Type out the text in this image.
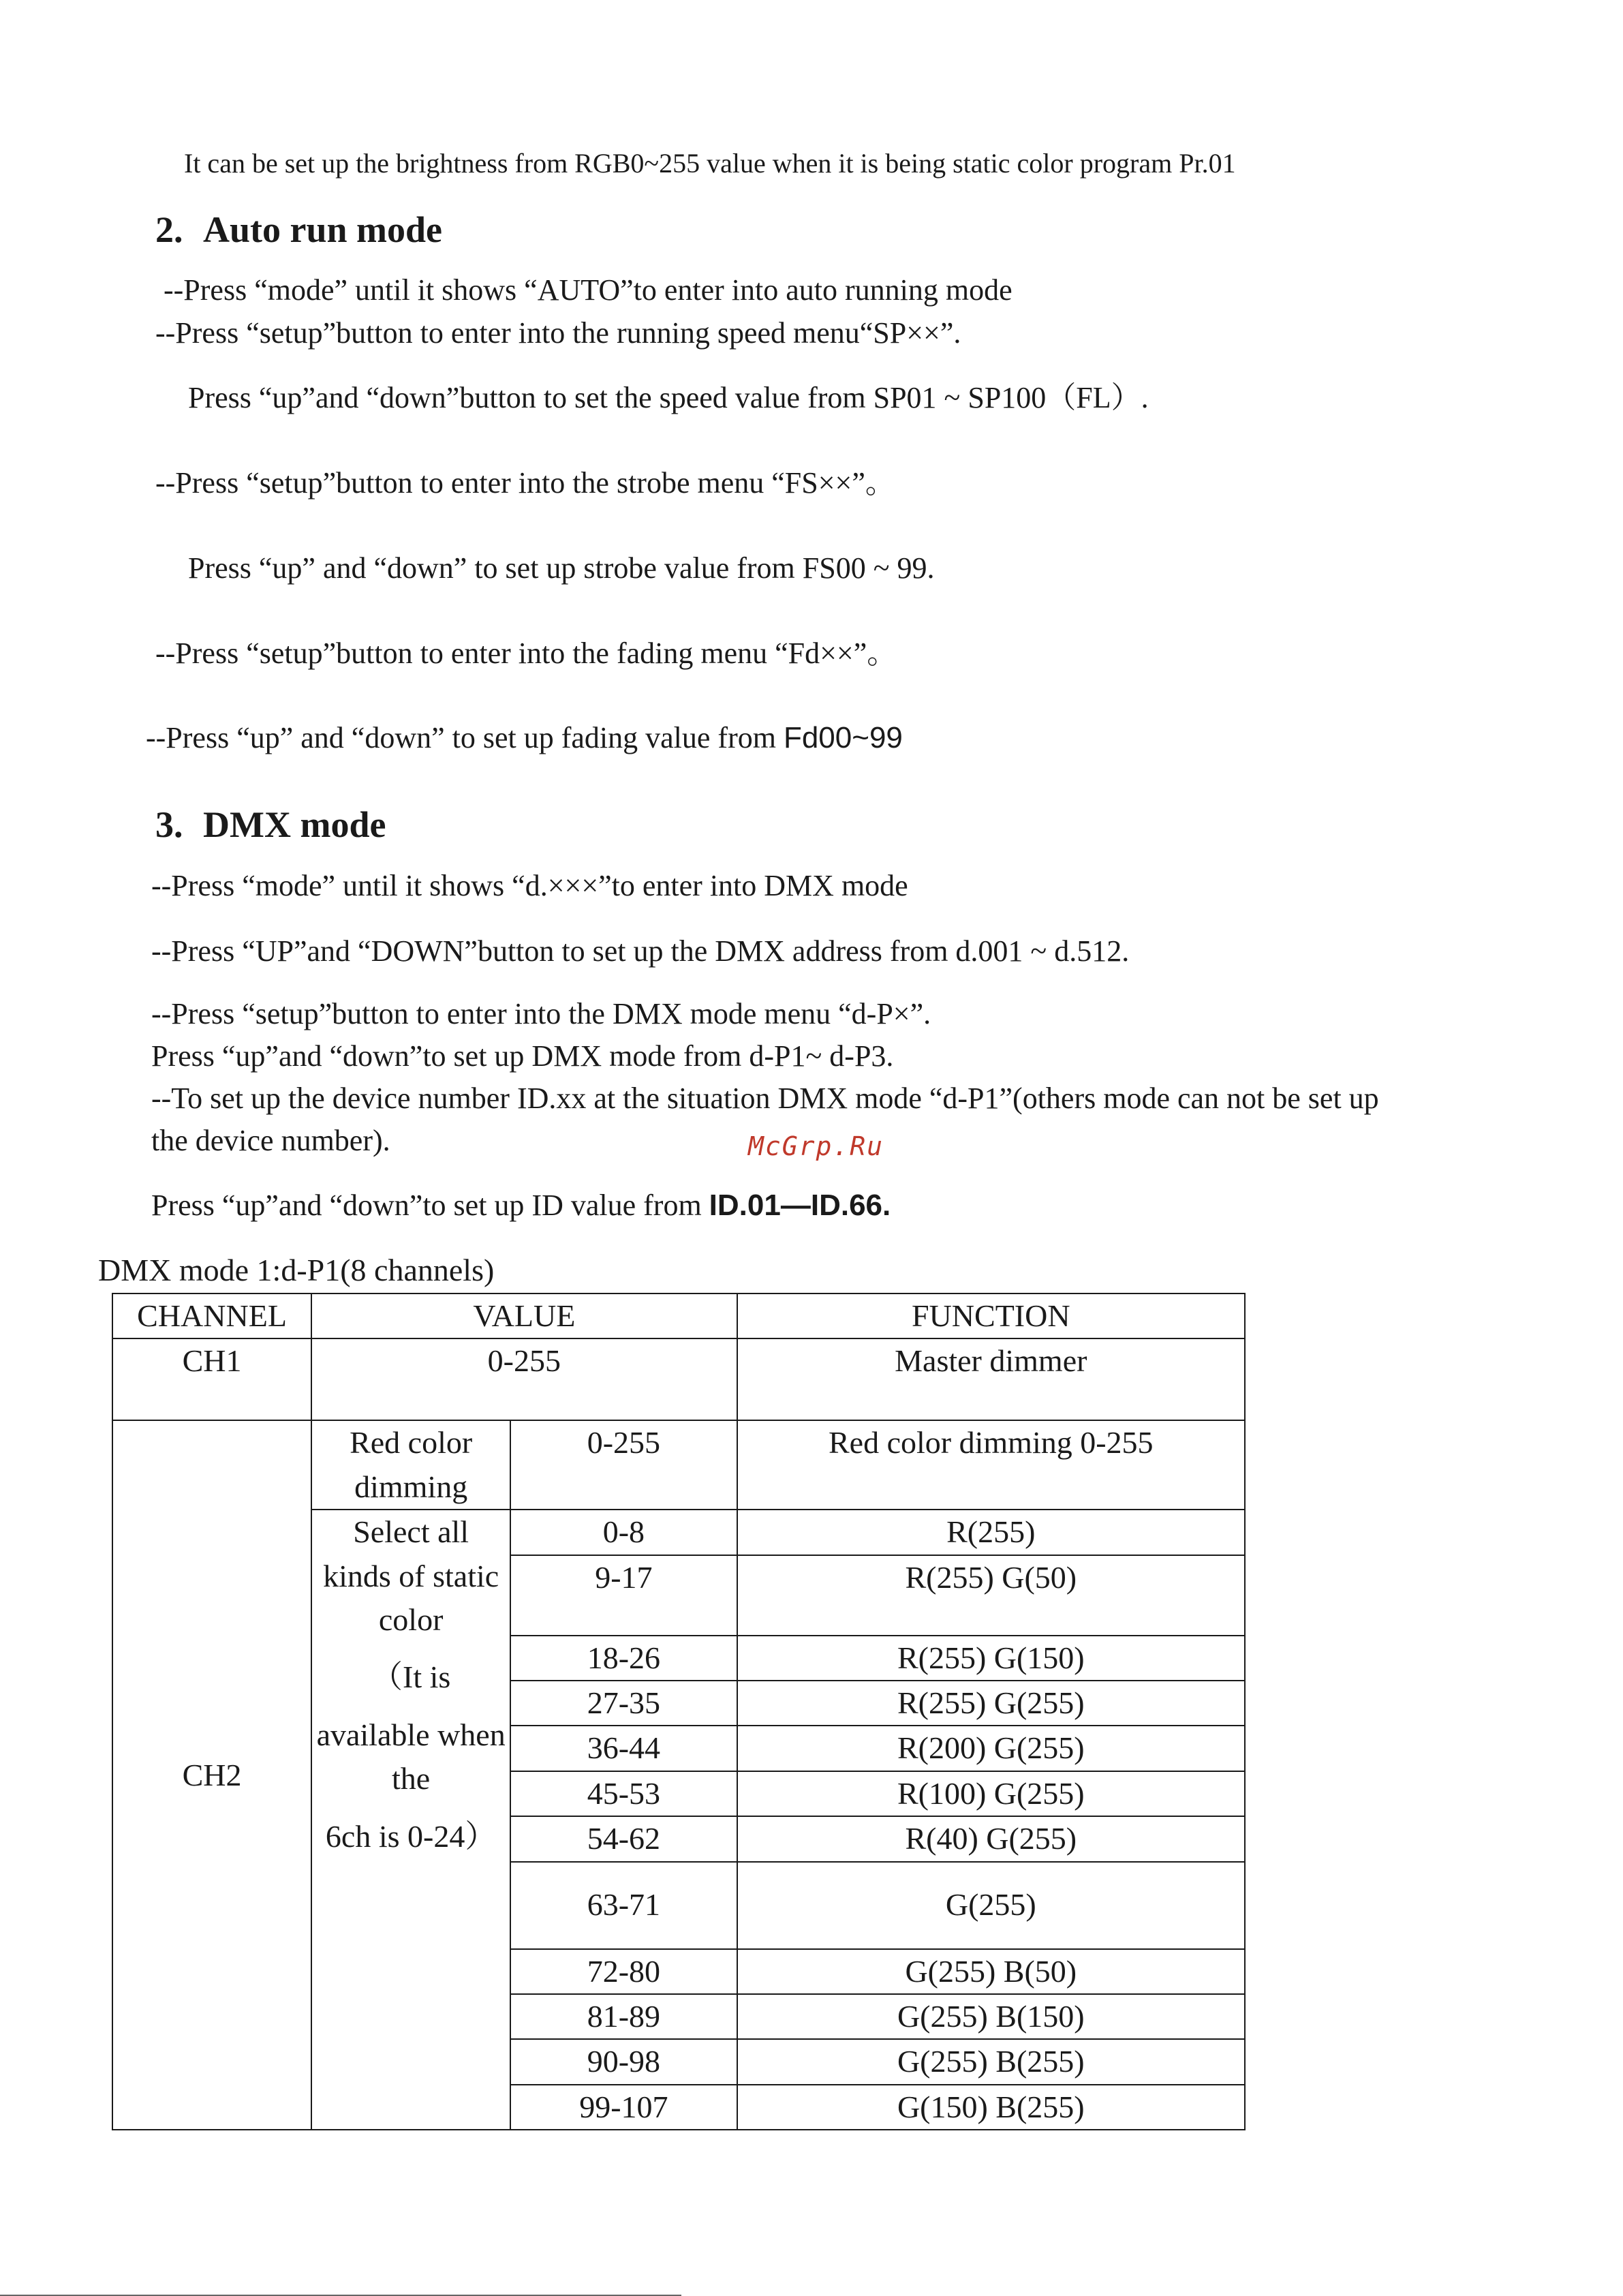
It can be set up the brightness from RGB0~255 value when it is being static color program Pr.01
2. Auto run mode
--Press “mode” until it shows “AUTO”to enter into auto running mode
--Press “setup”button to enter into the running speed menu“SP××”.
Press “up”and “down”button to set the speed value from SP01 ~ SP100（FL）.
--Press “setup”button to enter into the strobe menu “FS××”。
Press “up” and “down” to set up strobe value from FS00 ~ 99.
--Press “setup”button to enter into the fading menu “Fd××”。
--Press “up” and “down” to set up fading value from Fd00~99
3. DMX mode
--Press “mode” until it shows “d.×××”to enter into DMX mode
--Press “UP”and “DOWN”button to set up the DMX address from d.001 ~ d.512.
--Press “setup”button to enter into the DMX mode menu “d-P×”.
Press “up”and “down”to set up DMX mode from d-P1~ d-P3.
--To set up the device number ID.xx at the situation DMX mode “d-P1”(others mode can not be set up
the device number).	McGrp.Ru
Press “up”and “down”to set up ID value from ID.01—ID.66.
DMX mode 1:d-P1(8 channels)
CHANNEL	VALUE		FUNCTION
CH1	0-255		Master dimmer
CH2	Red color dimming	0-255	Red color dimming 0-255

	Select all kinds of static color
（It is
available when the
6ch is 0-24）	0-8	R(255)
		9-17	R(255) G(50)
		18-26	R(255) G(150)
		27-35	R(255) G(255)
		36-44	R(200) G(255)
		45-53	R(100) G(255)
		54-62	R(40) G(255)
		63-71	G(255)
		72-80	G(255) B(50)
		81-89	G(255) B(150)
		90-98	G(255) B(255)
		99-107	G(150) B(255)
